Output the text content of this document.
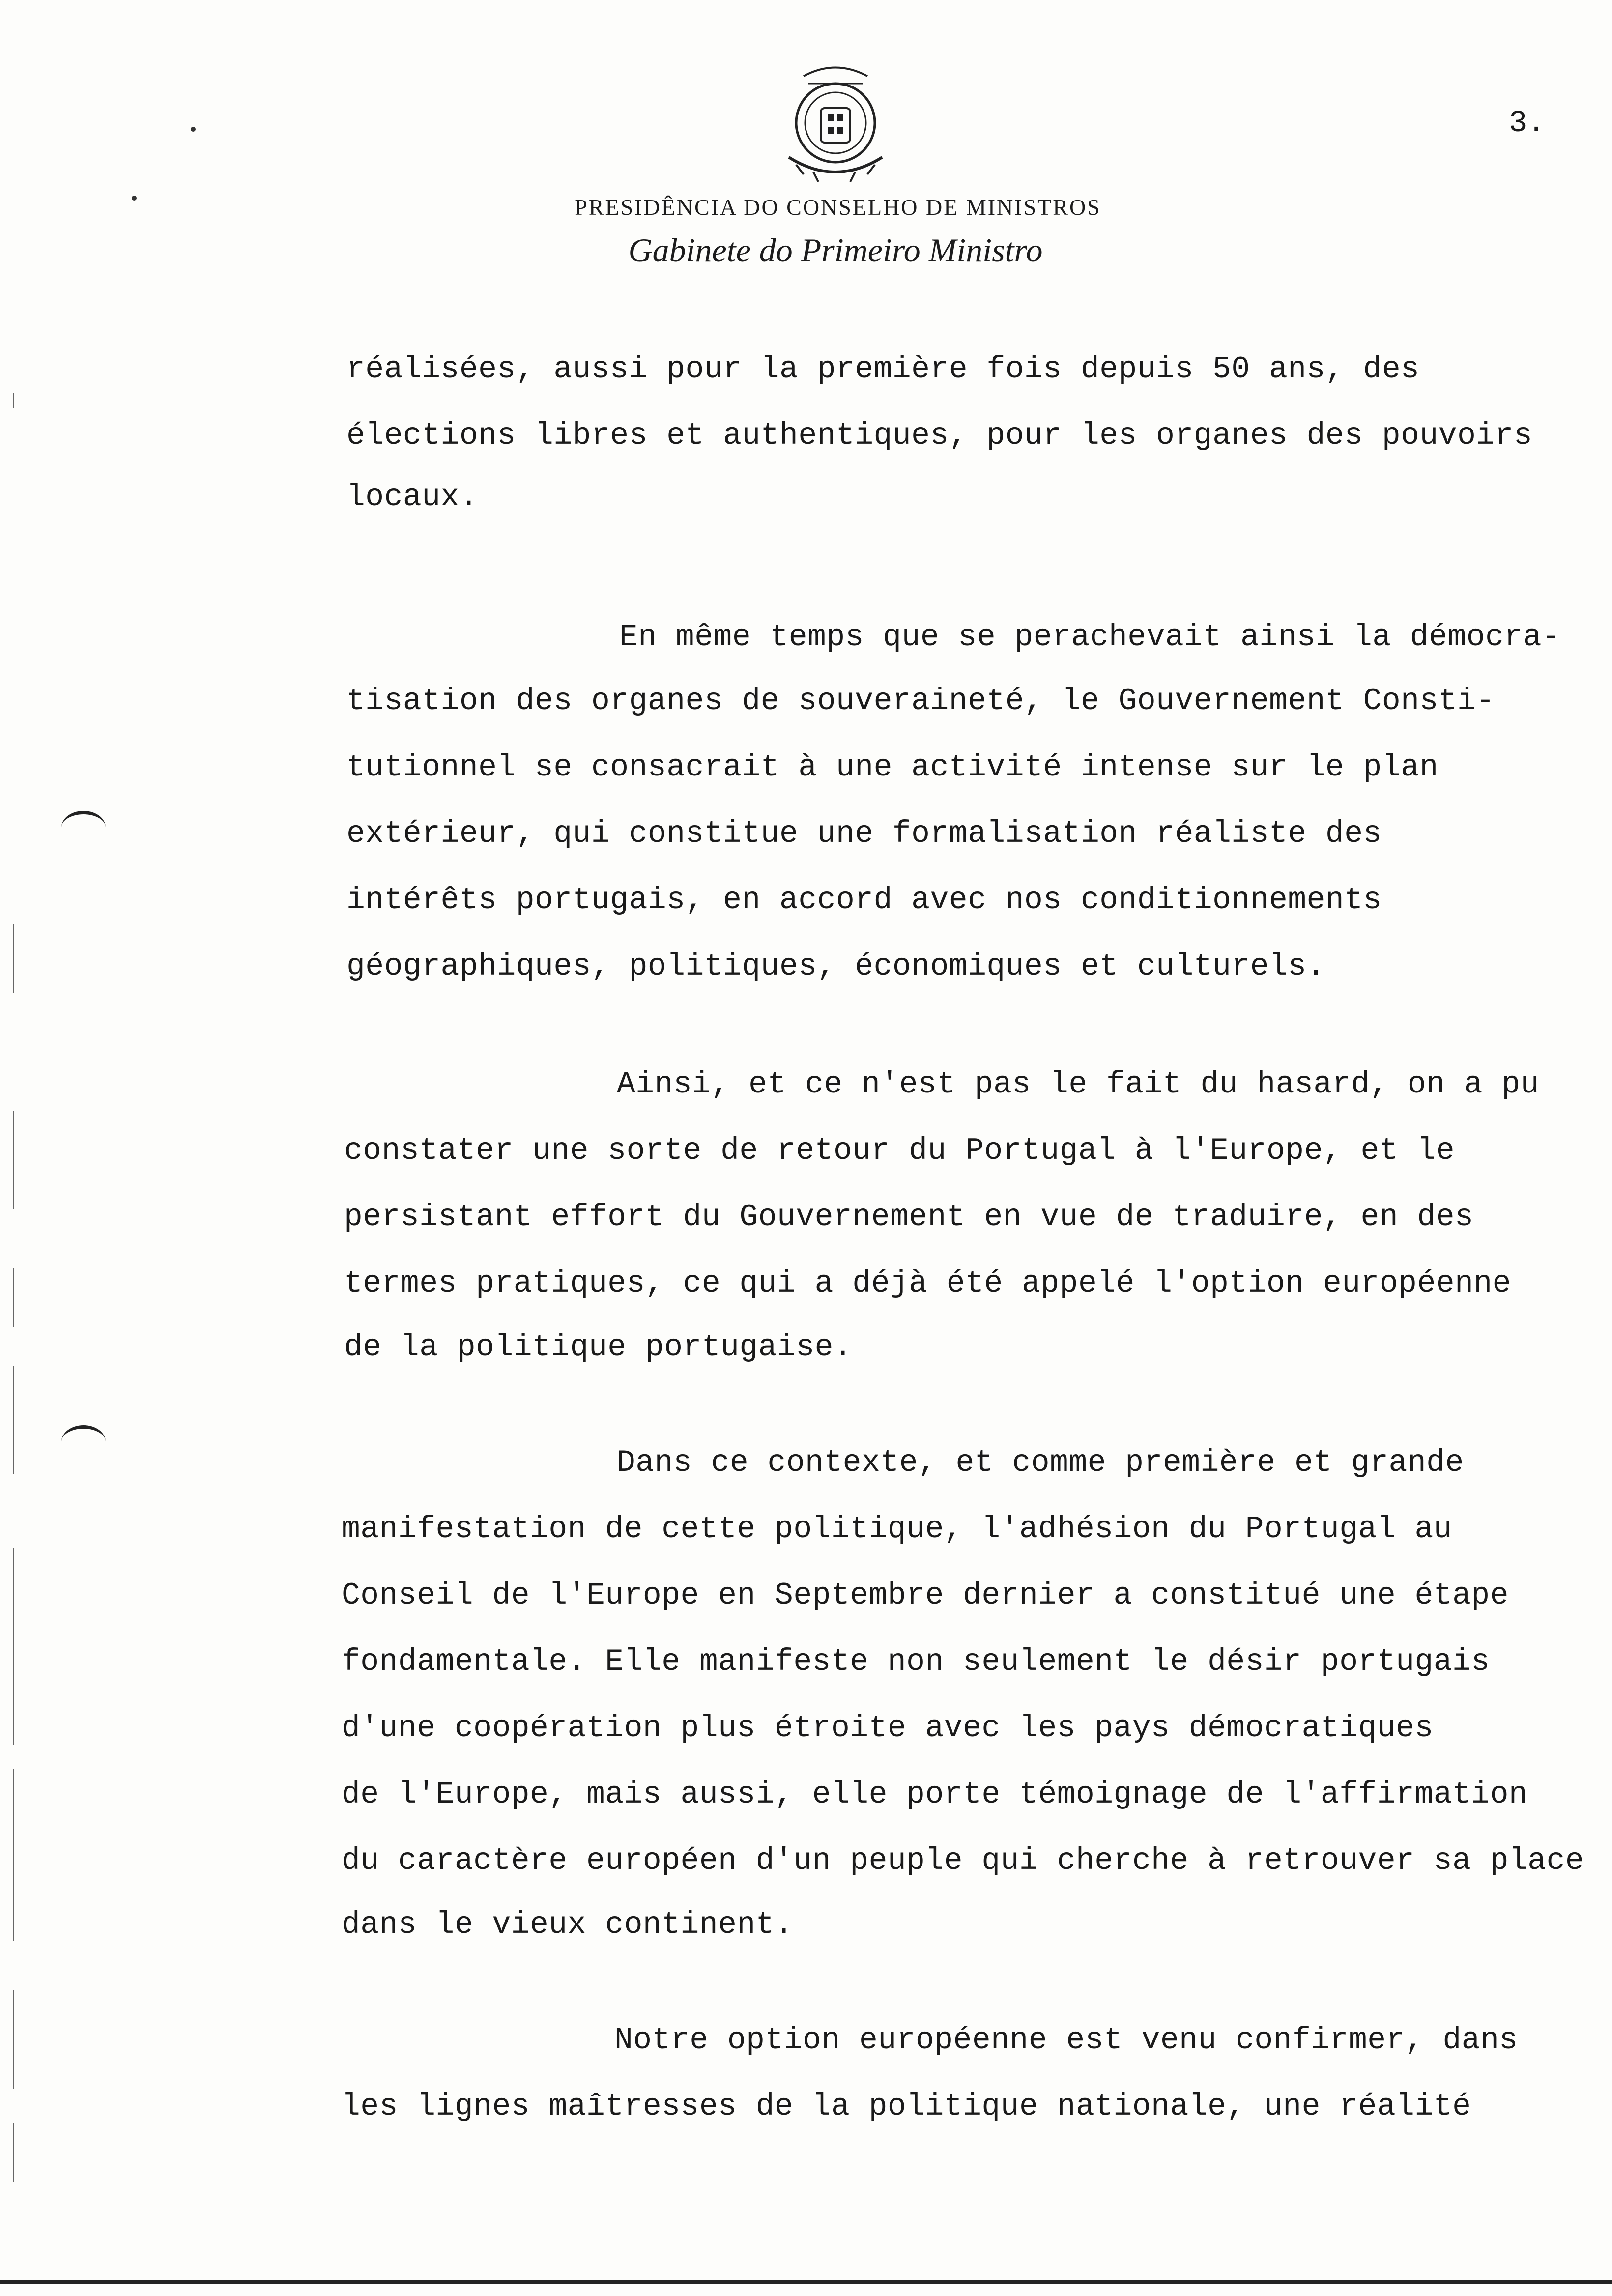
3.
PRESIDÊNCIA DO CONSELHO DE MINISTROS
Gabinete do Primeiro Ministro
réalisées, aussi pour la première fois depuis 50 ans, des
élections libres et authentiques, pour les organes des pouvoirs
locaux.
En même temps que se perachevait ainsi la démocra-
tisation des organes de souveraineté, le Gouvernement Consti-
tutionnel se consacrait à une activité intense sur le plan
extérieur, qui constitue une formalisation réaliste des
intérêts portugais, en accord avec nos conditionnements
géographiques, politiques, économiques et culturels.
Ainsi, et ce n'est pas le fait du hasard, on a pu
constater une sorte de retour du Portugal à l'Europe, et le
persistant effort du Gouvernement en vue de traduire, en des
termes pratiques, ce qui a déjà été appelé l'option européenne
de la politique portugaise.
Dans ce contexte, et comme première et grande
manifestation de cette politique, l'adhésion du Portugal au
Conseil de l'Europe en Septembre dernier a constitué une étape
fondamentale. Elle manifeste non seulement le désir portugais
d'une coopération plus étroite avec les pays démocratiques
de l'Europe, mais aussi, elle porte témoignage de l'affirmation
du caractère européen d'un peuple qui cherche à retrouver sa place
dans le vieux continent.
Notre option européenne est venu confirmer, dans
les lignes maîtresses de la politique nationale, une réalité
